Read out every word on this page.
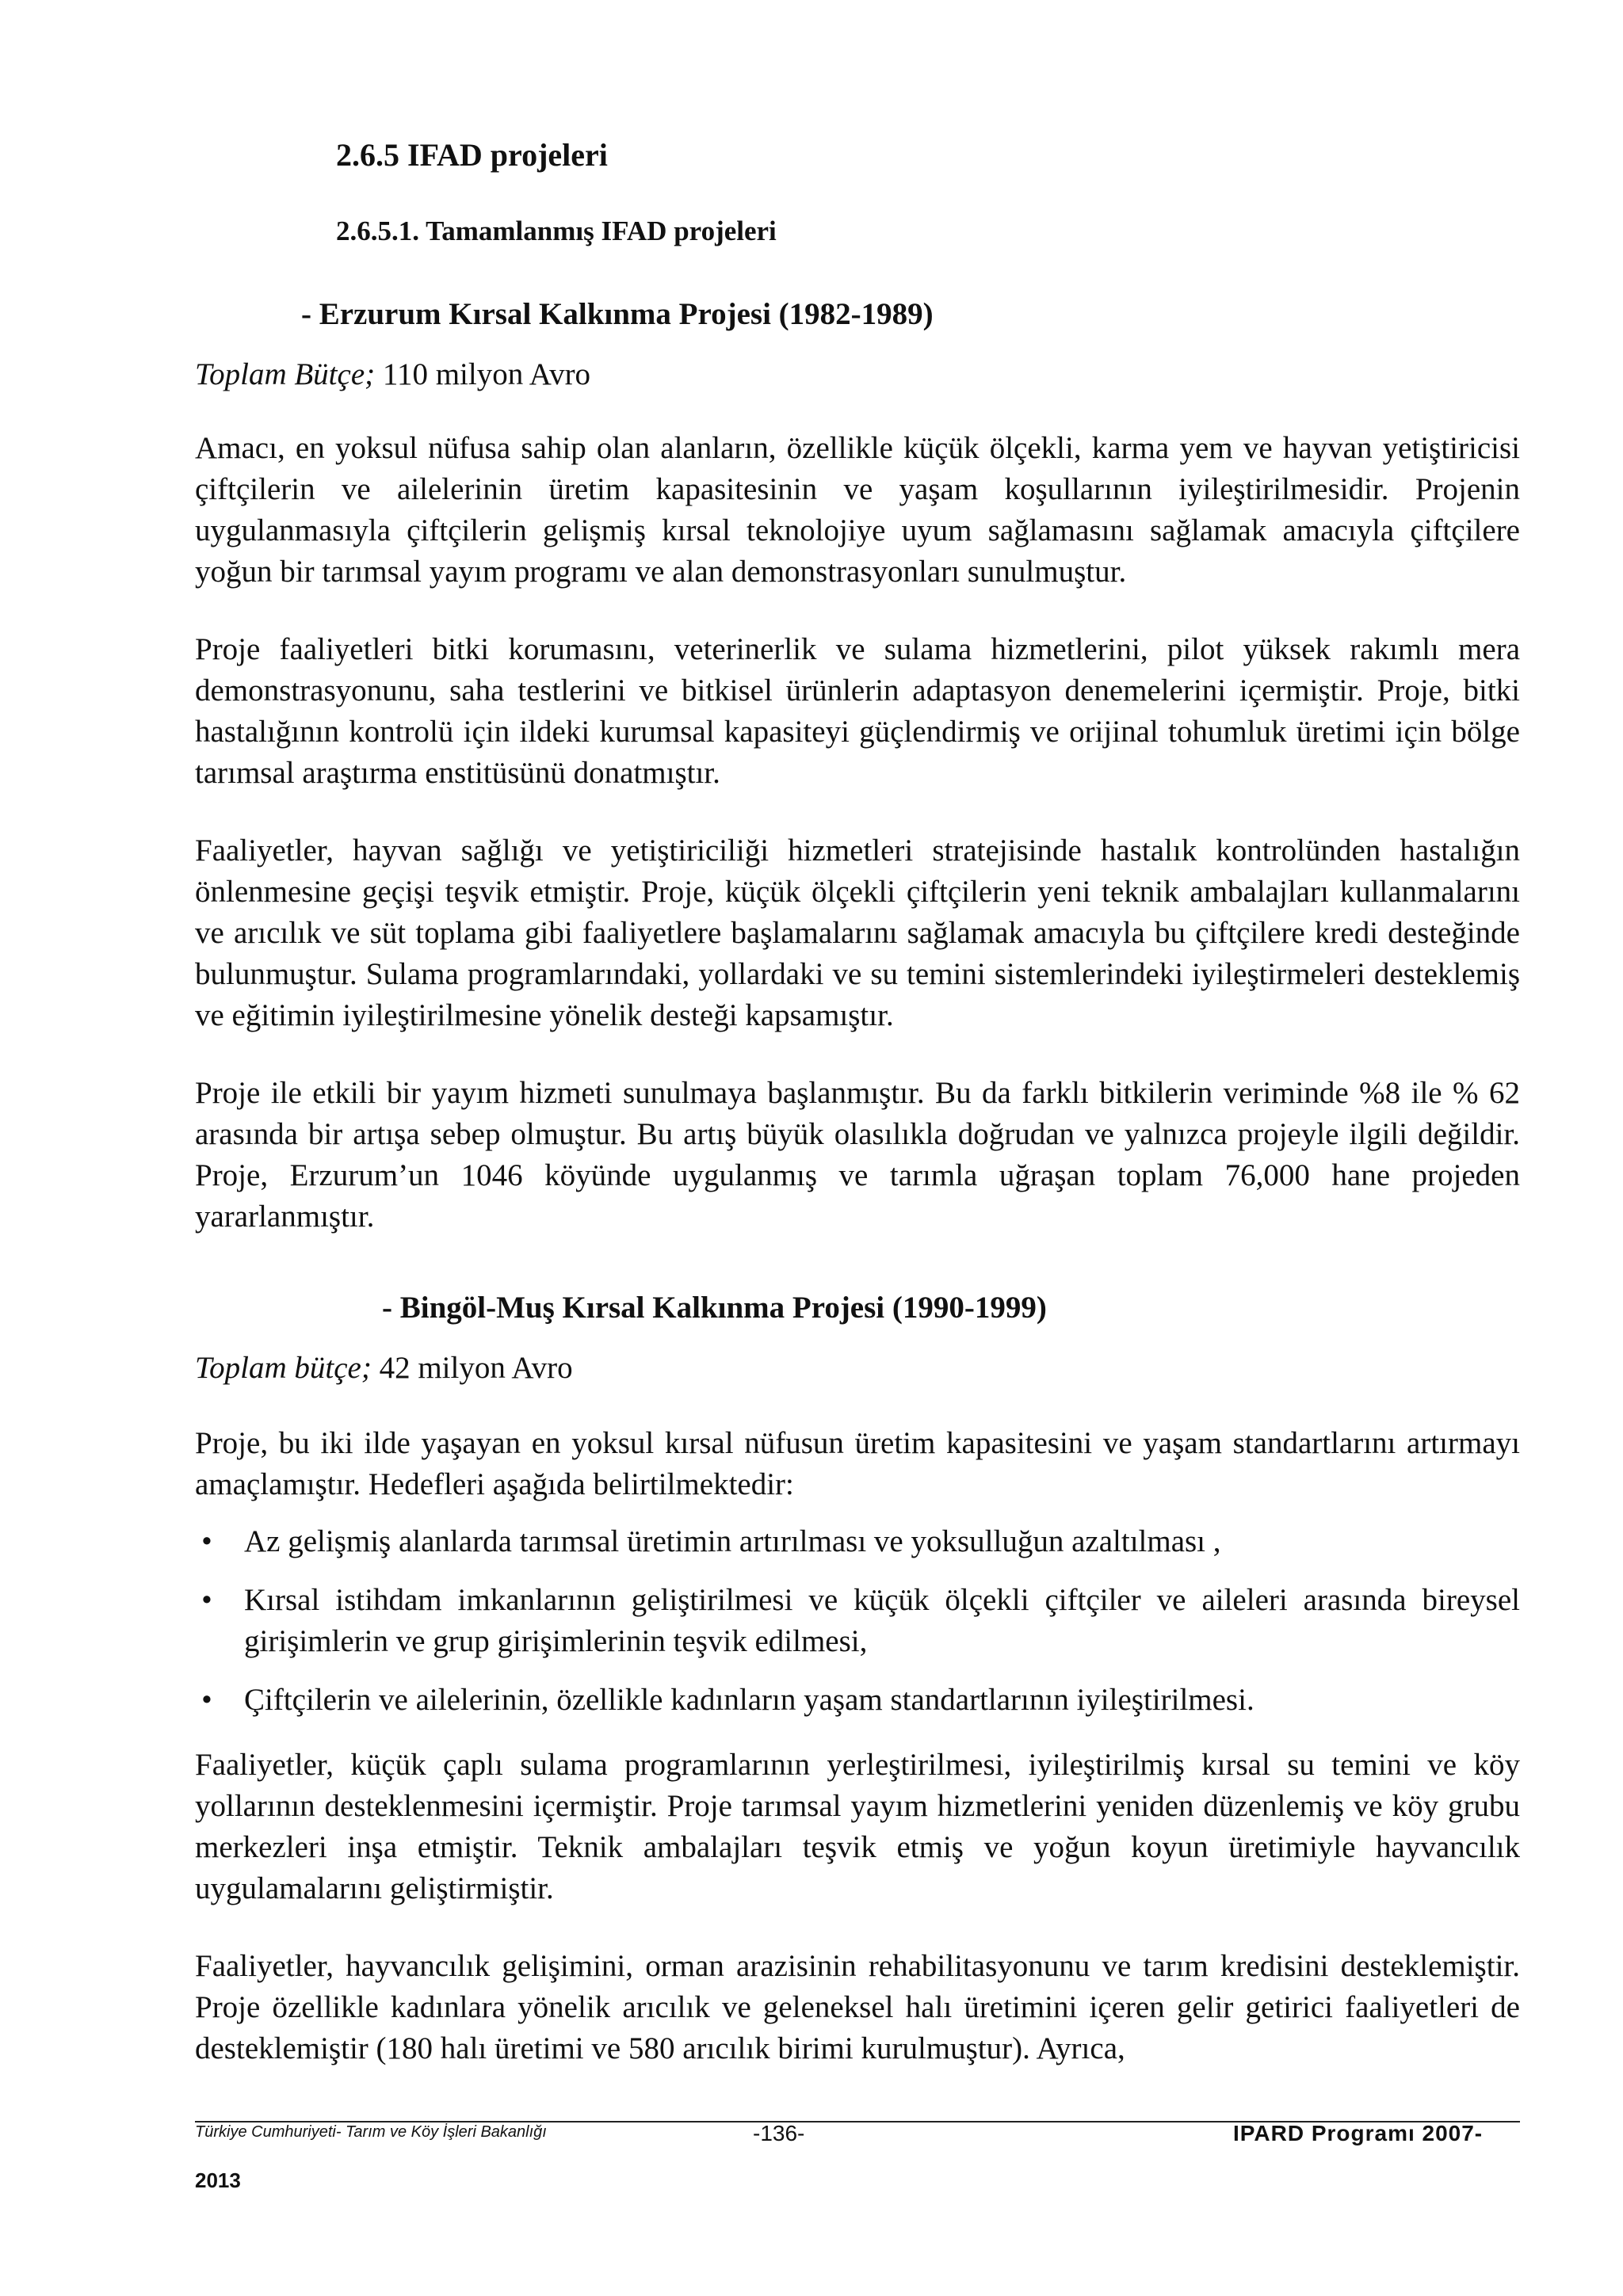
2.6.5 IFAD projeleri
2.6.5.1. Tamamlanmış IFAD projeleri
- Erzurum Kırsal Kalkınma Projesi (1982-1989)

Toplam Bütçe; 110 milyon Avro

Amacı, en yoksul nüfusa sahip olan alanların, özellikle küçük ölçekli, karma yem ve hayvan yetiştiricisi çiftçilerin ve ailelerinin üretim kapasitesinin ve yaşam koşullarının iyileştirilmesidir. Projenin uygulanmasıyla çiftçilerin gelişmiş kırsal teknolojiye uyum sağlamasını sağlamak amacıyla çiftçilere yoğun bir tarımsal yayım programı ve alan demonstrasyonları sunulmuştur.

Proje faaliyetleri bitki korumasını, veterinerlik ve sulama hizmetlerini, pilot yüksek rakımlı mera demonstrasyonunu, saha testlerini ve bitkisel ürünlerin adaptasyon denemelerini içermiştir. Proje, bitki hastalığının kontrolü için ildeki kurumsal kapasiteyi güçlendirmiş ve orijinal tohumluk üretimi için bölge tarımsal araştırma enstitüsünü donatmıştır.

Faaliyetler, hayvan sağlığı ve yetiştiriciliği hizmetleri stratejisinde hastalık kontrolünden hastalığın önlenmesine geçişi teşvik etmiştir. Proje, küçük ölçekli çiftçilerin yeni teknik ambalajları kullanmalarını ve arıcılık ve süt toplama gibi faaliyetlere başlamalarını sağlamak amacıyla bu çiftçilere kredi desteğinde bulunmuştur. Sulama programlarındaki, yollardaki ve su temini sistemlerindeki iyileştirmeleri desteklemiş ve eğitimin iyileştirilmesine yönelik desteği kapsamıştır.

Proje ile etkili bir yayım hizmeti sunulmaya başlanmıştır. Bu da farklı bitkilerin veriminde %8 ile % 62 arasında bir artışa sebep olmuştur. Bu artış büyük olasılıkla doğrudan ve yalnızca projeyle ilgili değildir. Proje, Erzurum’un 1046 köyünde uygulanmış ve tarımla uğraşan toplam 76,000 hane projeden yararlanmıştır.

- Bingöl-Muş Kırsal Kalkınma Projesi (1990-1999)

Toplam bütçe; 42 milyon Avro

Proje, bu iki ilde yaşayan en yoksul kırsal nüfusun üretim kapasitesini ve yaşam standartlarını artırmayı amaçlamıştır. Hedefleri aşağıda belirtilmektedir:

• Az gelişmiş alanlarda tarımsal üretimin artırılması ve yoksulluğun azaltılması ,
• Kırsal istihdam imkanlarının geliştirilmesi ve küçük ölçekli çiftçiler ve aileleri arasında bireysel girişimlerin ve grup girişimlerinin teşvik edilmesi,
• Çiftçilerin ve ailelerinin, özellikle kadınların yaşam standartlarının iyileştirilmesi.

Faaliyetler, küçük çaplı sulama programlarının yerleştirilmesi, iyileştirilmiş kırsal su temini ve köy yollarının desteklenmesini içermiştir. Proje tarımsal yayım hizmetlerini yeniden düzenlemiş ve köy grubu merkezleri inşa etmiştir. Teknik ambalajları teşvik etmiş ve yoğun koyun üretimiyle hayvancılık uygulamalarını geliştirmiştir.

Faaliyetler, hayvancılık gelişimini, orman arazisinin rehabilitasyonunu ve tarım kredisini desteklemiştir. Proje özellikle kadınlara yönelik arıcılık ve geleneksel halı üretimini içeren gelir getirici faaliyetleri de desteklemiştir (180 halı üretimi ve 580 arıcılık birimi kurulmuştur). Ayrıca,

Türkiye Cumhuriyeti- Tarım ve Köy İşleri Bakanlığı	-136-	IPARD Programı 2007-
2013
